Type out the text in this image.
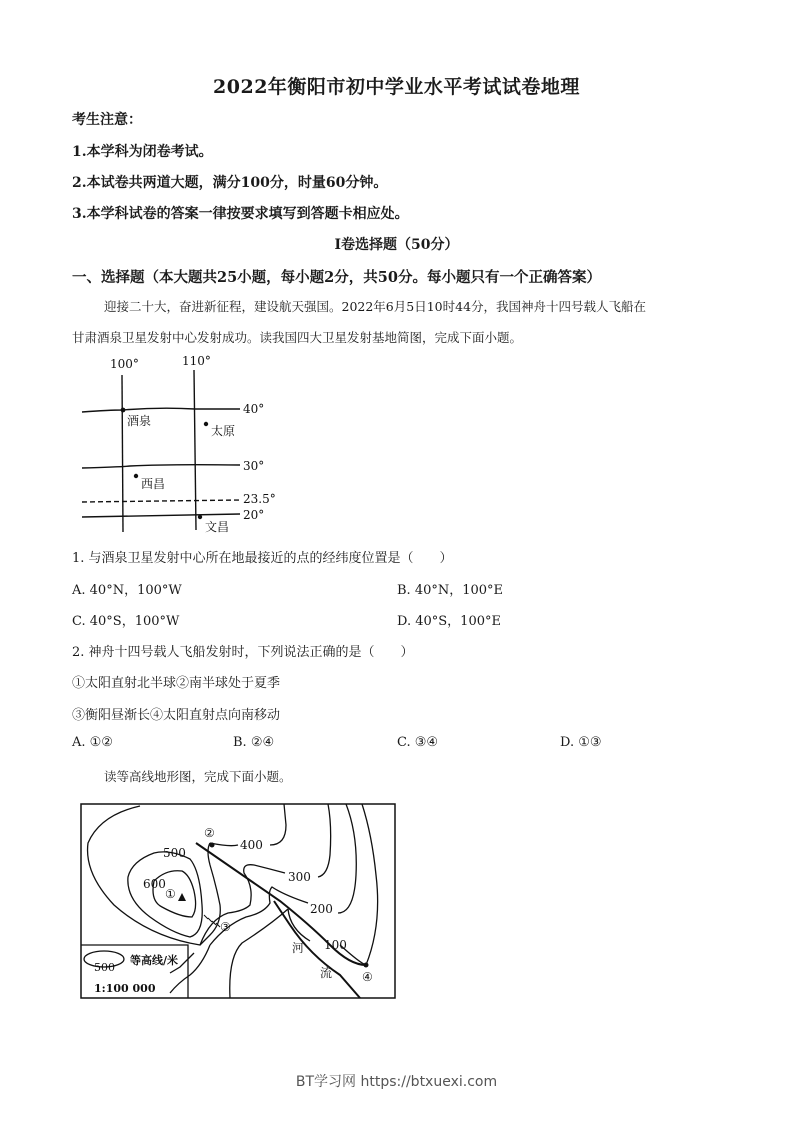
2022年衡阳市初中学业水平考试试卷地理
考生注意：
1.本学科为闭卷考试。
2.本试卷共两道大题，满分100分，时量60分钟。
3.本学科试卷的答案一律按要求填写到答题卡相应处。
I卷选择题（50分）
一、选择题（本大题共25小题，每小题2分，共50分。每小题只有一个正确答案）
迎接二十大，奋进新征程，建设航天强国。2022年6月5日10时44分，我国神舟十四号载人飞船在
甘肃酒泉卫星发射中心发射成功。读我国四大卫星发射基地简图，完成下面小题。
100°	110°
40°
30°
23.5°
20°
酒泉
太原
西昌
文昌
1. 与酒泉卫星发射中心所在地最接近的点的经纬度位置是（　　）
A. 40°N，100°W	B. 40°N，100°E
C. 40°S，100°W	D. 40°S，100°E
2. 神舟十四号载人飞船发射时，下列说法正确的是（　　）
①太阳直射北半球②南半球处于夏季
③衡阳昼渐长④太阳直射点向南移动
A. ①②	B. ②④	C. ③④	D. ①③
读等高线地形图，完成下面小题。
600
500
400
300
200
100
①
②
③
④
河
流
500
等高线/米
1:100 000
BT学习网 https://btxuexi.com
